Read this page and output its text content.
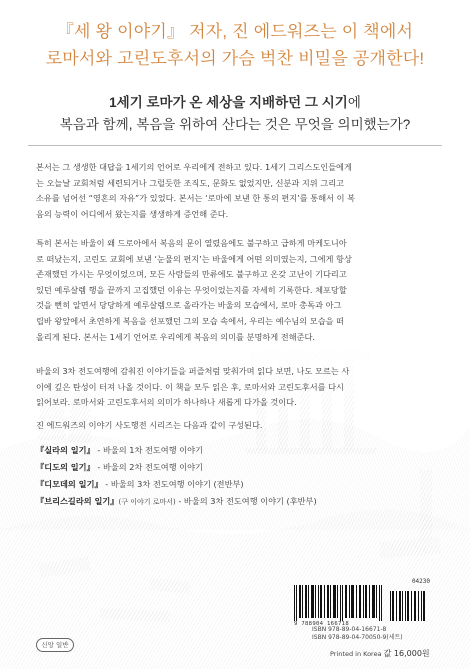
『세 왕 이야기』 저자, 진 에드워즈는 이 책에서
로마서와 고린도후서의 가슴 벅찬 비밀을 공개한다!
1세기 로마가 온 세상을 지배하던 그 시기에
복음과 함께, 복음을 위하여 산다는 것은 무엇을 의미했는가?
본서는 그 생생한 대답을 1세기의 언어로 우리에게 전하고 있다. 1세기 그리스도인들에게
는 오늘날 교회처럼 세련되거나 그럴듯한 조직도, 문화도 없었지만, 신분과 지위 그리고
소유를 넘어선 “영혼의 자유”가 있었다. 본서는 ‘로마에 보낸 한 통의 편지’를 통해서 이 복
음의 능력이 어디에서 왔는지를 생생하게 증언해 준다.
특히 본서는 바울이 왜 드로아에서 복음의 문이 열렸음에도 불구하고 급하게 마케도니아
로 떠났는지, 고린도 교회에 보낸 ‘눈물의 편지’는 바울에게 어떤 의미였는지, 그에게 항상
존재했던 가시는 무엇이었으며, 모든 사람들의 만류에도 불구하고 온갖 고난이 기다리고
있던 예루살렘 행을 끝까지 고집했던 이유는 무엇이었는지를 자세히 기록한다. 체포당할
것을 뻔히 알면서 당당하게 예루살렘으로 올라가는 바울의 모습에서, 로마 총독과 아그
립바 왕앞에서 초연하게 복음을 선포했던 그의 모습 속에서, 우리는 예수님의 모습을 떠
올리게 된다. 본서는 1세기 언어로 우리에게 복음의 의미를 분명하게 전해준다.
바울의 3차 전도여행에 감춰진 이야기들을 퍼즐처럼 맞춰가며 읽다 보면, 나도 모르는 사
이에 깊은 탄성이 터져 나올 것이다. 이 책을 모두 읽은 후, 로마서와 고린도후서를 다시
읽어보라. 로마서와 고린도후서의 의미가 하나하나 새롭게 다가올 것이다.
진 에드워즈의 이야기 사도행전 시리즈는 다음과 같이 구성된다.
『실라의 일기』 - 바울의 1차 전도여행 이야기
『디도의 일기』 - 바울의 2차 전도여행 이야기
『디모데의 일기』 - 바울의 3차 전도여행 이야기 (전반부)
『브리스길라의 일기』(구 이야기 로마서) - 바울의 3차 전도여행 이야기 (후반부)
04230
9 788904 166718
ISBN 978-89-04-16671-8
ISBN 978-89-04-70050-9(세트)
Printed in Korea 값 16,000원
신앙 일반
